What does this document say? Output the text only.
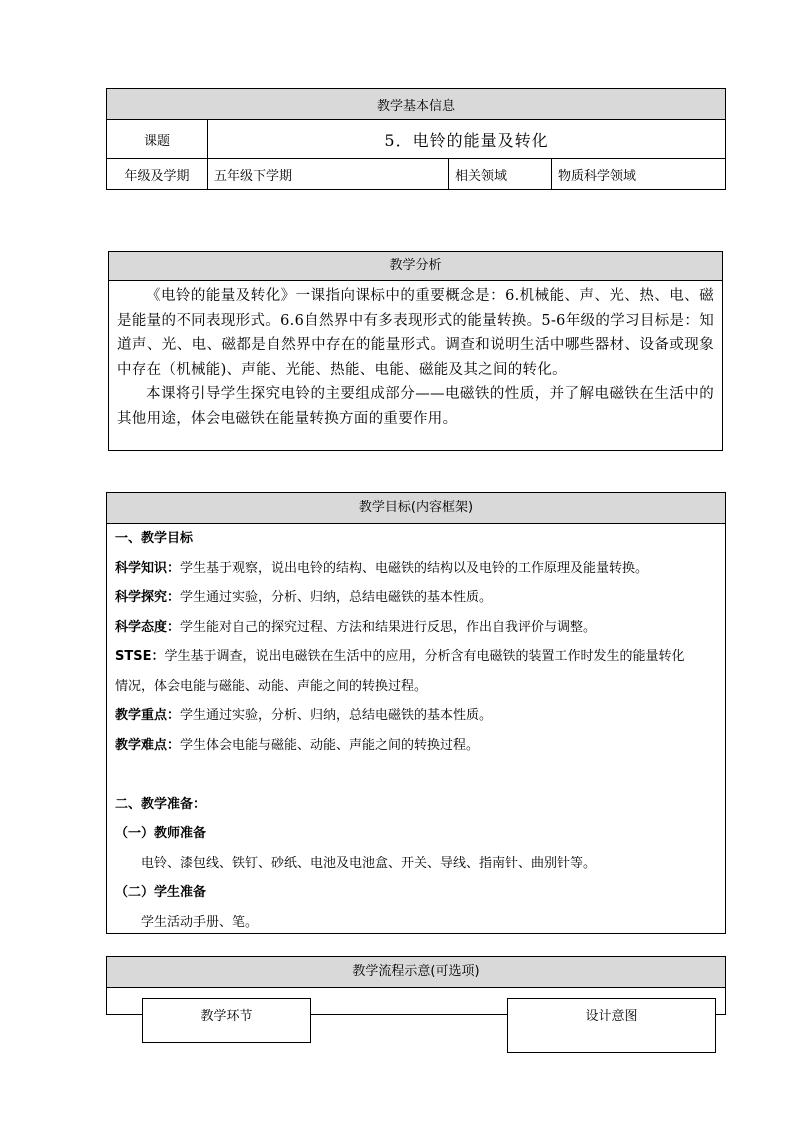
教学基本信息			
课题	5．电铃的能量及转化		
年级及学期	五年级下学期	相关领域	物质科学领域
教学分析

《电铃的能量及转化》一课指向课标中的重要概念是：6.机械能、声、光、热、电、磁是能量的不同表现形式。6.6自然界中有多表现形式的能量转换。5-6年级的学习目标是：知道声、光、电、磁都是自然界中存在的能量形式。调查和说明生活中哪些器材、设备或现象中存在（机械能)、声能、光能、热能、电能、磁能及其之间的转化。

本课将引导学生探究电铃的主要组成部分——电磁铁的性质，并了解电磁铁在生活中的其他用途，体会电磁铁在能量转换方面的重要作用。

教学目标(内容框架)
一、教学目标
科学知识：学生基于观察，说出电铃的结构、电磁铁的结构以及电铃的工作原理及能量转换。
科学探究：学生通过实验，分析、归纳，总结电磁铁的基本性质。
科学态度：学生能对自己的探究过程、方法和结果进行反思，作出自我评价与调整。
STSE：学生基于调查，说出电磁铁在生活中的应用，分析含有电磁铁的装置工作时发生的能量转化
情况，体会电能与磁能、动能、声能之间的转换过程。
教学重点：学生通过实验，分析、归纳，总结电磁铁的基本性质。
教学难点：学生体会电能与磁能、动能、声能之间的转换过程。

二、教学准备：
（一）教师准备
电铃、漆包线、铁钉、砂纸、电池及电池盒、开关、导线、指南针、曲别针等。
（二）学生准备
学生活动手册、笔。
教学流程示意(可选项)
教学环节	设计意图
